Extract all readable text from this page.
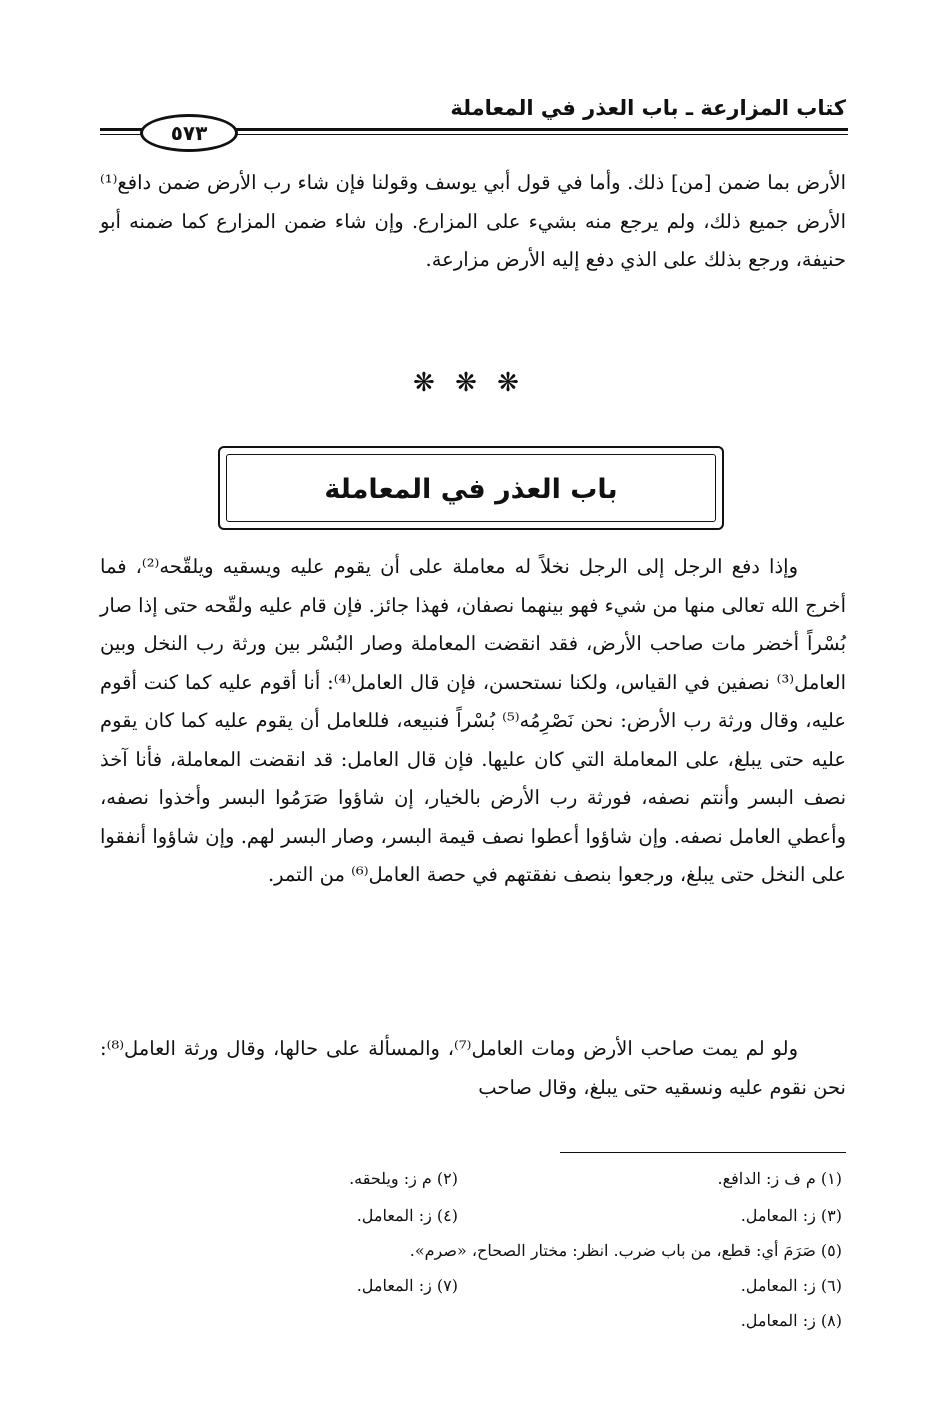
كتاب المزارعة ـ باب العذر في المعاملة
٥٧٣

الأرض بما ضمن [من] ذلك. وأما في قول أبي يوسف وقولنا فإن شاء رب الأرض ضمن دافع⁽¹⁾ الأرض جميع ذلك، ولم يرجع منه بشيء على المزارع. وإن شاء ضمن المزارع كما ضمنه أبو حنيفة، ورجع بذلك على الذي دفع إليه الأرض مزارعة.

❋ ❋ ❋
باب العذر في المعاملة

وإذا دفع الرجل إلى الرجل نخلاً له معاملة على أن يقوم عليه ويسقيه ويلقّحه⁽²⁾، فما أخرج الله تعالى منها من شيء فهو بينهما نصفان، فهذا جائز. فإن قام عليه ولقّحه حتى إذا صار بُسْراً أخضر مات صاحب الأرض، فقد انقضت المعاملة وصار البُسْر بين ورثة رب النخل وبين العامل⁽³⁾ نصفين في القياس، ولكنا نستحسن، فإن قال العامل⁽⁴⁾: أنا أقوم عليه كما كنت أقوم عليه، وقال ورثة رب الأرض: نحن نَصْرِمُه⁽⁵⁾ بُسْراً فنبيعه، فللعامل أن يقوم عليه كما كان يقوم عليه حتى يبلغ، على المعاملة التي كان عليها. فإن قال العامل: قد انقضت المعاملة، فأنا آخذ نصف البسر وأنتم نصفه، فورثة رب الأرض بالخيار، إن شاؤوا صَرَمُوا البسر وأخذوا نصفه، وأعطي العامل نصفه. وإن شاؤوا أعطوا نصف قيمة البسر، وصار البسر لهم. وإن شاؤوا أنفقوا على النخل حتى يبلغ، ورجعوا بنصف نفقتهم في حصة العامل⁽⁶⁾ من التمر.

ولو لم يمت صاحب الأرض ومات العامل⁽⁷⁾، والمسألة على حالها، وقال ورثة العامل⁽⁸⁾: نحن نقوم عليه ونسقيه حتى يبلغ، وقال صاحب

(١) م ف ز: الدافع.
(٢) م ز: ويلحقه.
(٣) ز: المعامل.
(٤) ز: المعامل.
(٥) صَرَمَ أي: قطع، من باب ضرب. انظر: مختار الصحاح، «صرم».
(٦) ز: المعامل.
(٧) ز: المعامل.
(٨) ز: المعامل.
